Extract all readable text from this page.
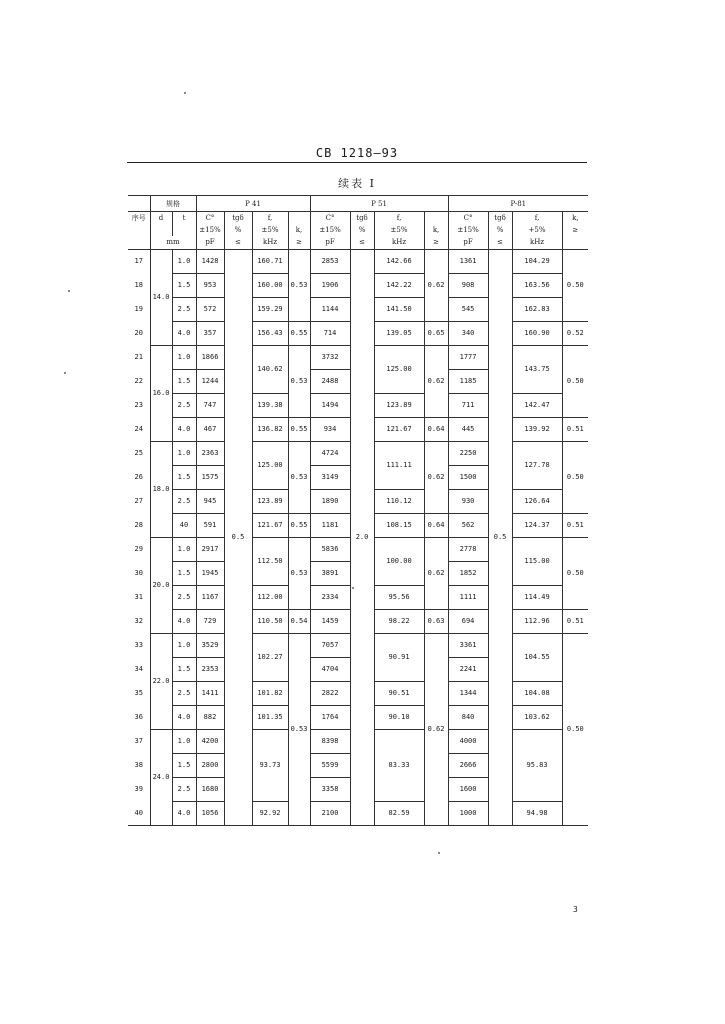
CB 1218—93
续表 I
	规格		P 41				P 51				P-81			
序号	d	t	C°	tgδ	f,		C°	tgδ	f,		C°	tgδ	f,	k,
			±15%	%	±5%	k,	±15%	%	±5%	k,	±15%	%	+5%	≥
	mm		pF	≤	kHz	≥	pF	≤	kHz	≥	pF	≤	kHz	
17	14.0	1.0	1428	0.5	160.71	0.53	2853	2.0	142.66	0.62	1361	0.5	104.29	0.50
18		1.5	953		160.00		1906		142.22		908		163.56	
19		2.5	572		159.29		1144		141.50		545		162.83	
20		4.0	357		156.43	0.55	714		139.05	0.65	340		160.90	0.52
21	16.0	1.0	1866		140.62	0.53	3732		125.00	0.62	1777		143.75	0.50
22		1.5	1244				2488				1185			
23		2.5	747		139.38		1494		123.89		711		142.47	
24		4.0	467		136.82	0.55	934		121.67	0.64	445		139.92	0.51
25	18.0	1.0	2363		125.00	0.53	4724		111.11	0.62	2250		127.78	0.50
26		1.5	1575				3149				1500			
27		2.5	945		123.89		1890		110.12		930		126.64	
28		40	591		121.67	0.55	1181		108.15	0.64	562		124.37	0.51
29	20.0	1.0	2917		112.50	0.53	5836		100.00	0.62	2778		115.00	0.50
30		1.5	1945				3891				1852			
31		2.5	1167		112.00		2334		95.56		1111		114.49	
32		4.0	729		110.50	0.54	1459		98.22	0.63	694		112.96	0.51
33	22.0	1.0	3529		102.27	0.53	7057		90.91	0.62	3361		104.55	0.50
34		1.5	2353				4704				2241			
35		2.5	1411		101.82		2822		90.51		1344		104.08	
36		4.0	882		101.35		1764		90.10		840		103.62	
37	24.0	1.0	4200		93.73		8398		83.33		4000		95.83	
38		1.5	2800				5599				2666			
39		2.5	1680				3358				1600			
40		4.0	1056		92.92		2100		82.59		1000		94.98	
3
